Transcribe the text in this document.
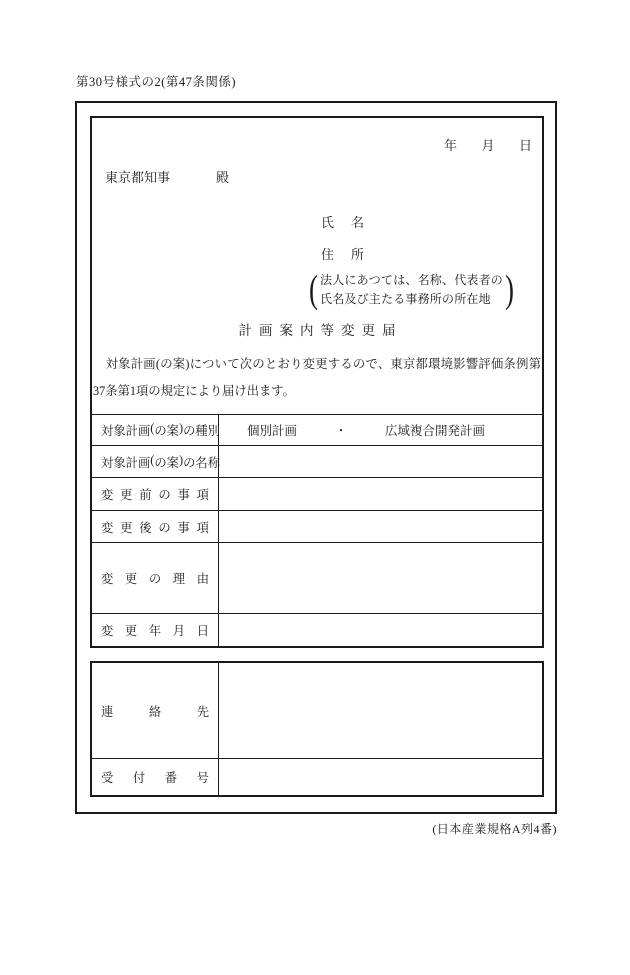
第30号様式の2(第47条関係)
年 月 日
東京都知事	殿
氏　名
住　所
( 法人にあつては、名称、代表者の
氏名及び主たる事務所の所在地 )
計画案内等変更届
　対象計画(の案)について次のとおり変更するので、東京都環境影響評価条例第37条第1項の規定により届け出ます。
対 象 計 画 ( の 案 ) の 種 別 個別計画	・	広域複合開発計画
対 象 計 画 ( の 案 ) の 名 称
変 更 前 の 事 項
変 更 後 の 事 項
変 更 の 理 由
変 更 年 月 日
連	絡	先
受 付 番 号
(日本産業規格A列4番)
